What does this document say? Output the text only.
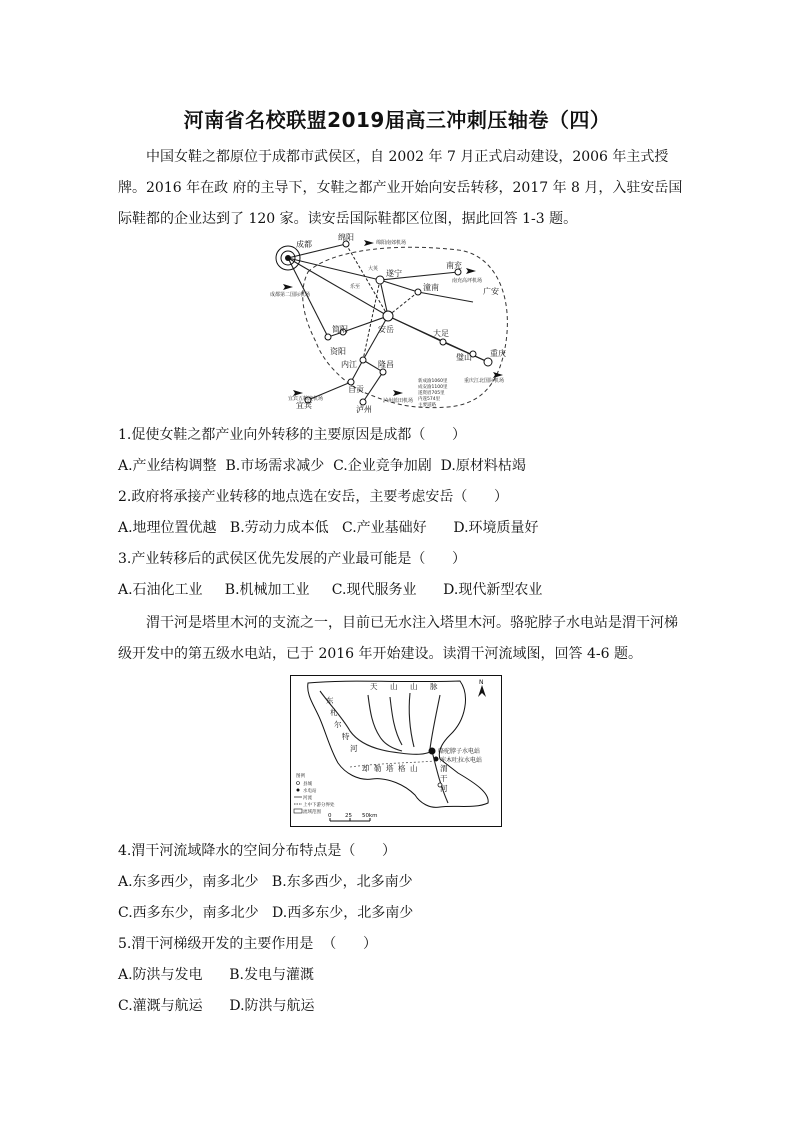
河南省名校联盟2019届高三冲刺压轴卷（四）

中国女鞋之都原位于成都市武侯区，自 2002 年 7 月正式启动建设，2006 年主式授牌。2016 年在政 府的主导下，女鞋之都产业开始向安岳转移，2017 年 8 月，入驻安岳国际鞋都的企业达到了 120 家。读安岳国际鞋都区位图，据此回答 1-3 题。

成都
绵阳
遂宁
南充
简阳
潼南	广安
资阳
安岳	大足
璧山 重庆
内江	隆昌
自贡
泸州
宜宾
乐至
大英
绵阳南郊机场
南充高坪机场
成都第二国际机场
重庆江北国际机场
宜宾五粮液机场	泸州蓝田机场
新成渝1060里
成安渝1100里
遂资眉705里
内遂574里
主要道路

1.促使女鞋之都产业向外转移的主要原因是成都（      ）

A.产业结构调整  B.市场需求减少  C.企业竞争加剧  D.原材料枯竭

2.政府将承接产业转移的地点选在安岳，主要考虑安岳（      ）

A.地理位置优越   B.劳动力成本低   C.产业基础好      D.环境质量好

3.产业转移后的武侯区优先发展的产业最可能是（      ）

A.石油化工业     B.机械加工业     C.现代服务业      D.现代新型农业

渭干河是塔里木河的支流之一，目前已无水注入塔里木河。骆驼脖子水电站是渭干河梯级开发中的第五级水电站，已于 2016 年开始建设。读渭干河流域图，回答 4-6 题。

N
天 山 山 脉
东
札
尔
特
河
却 勒 塔 格 山	渭
干
河
骆驼脖子水电站
库木吐拉水电站
图例
县城
水电站
河流
上中下游分界处
流域范围
0 25 50km

4.渭干河流域降水的空间分布特点是（      ）

A.东多西少，南多北少   B.东多西少，北多南少

C.西多东少，南多北少   D.西多东少，北多南少

5.渭干河梯级开发的主要作用是  （      ）

A.防洪与发电      B.发电与灌溉

C.灌溉与航运      D.防洪与航运
